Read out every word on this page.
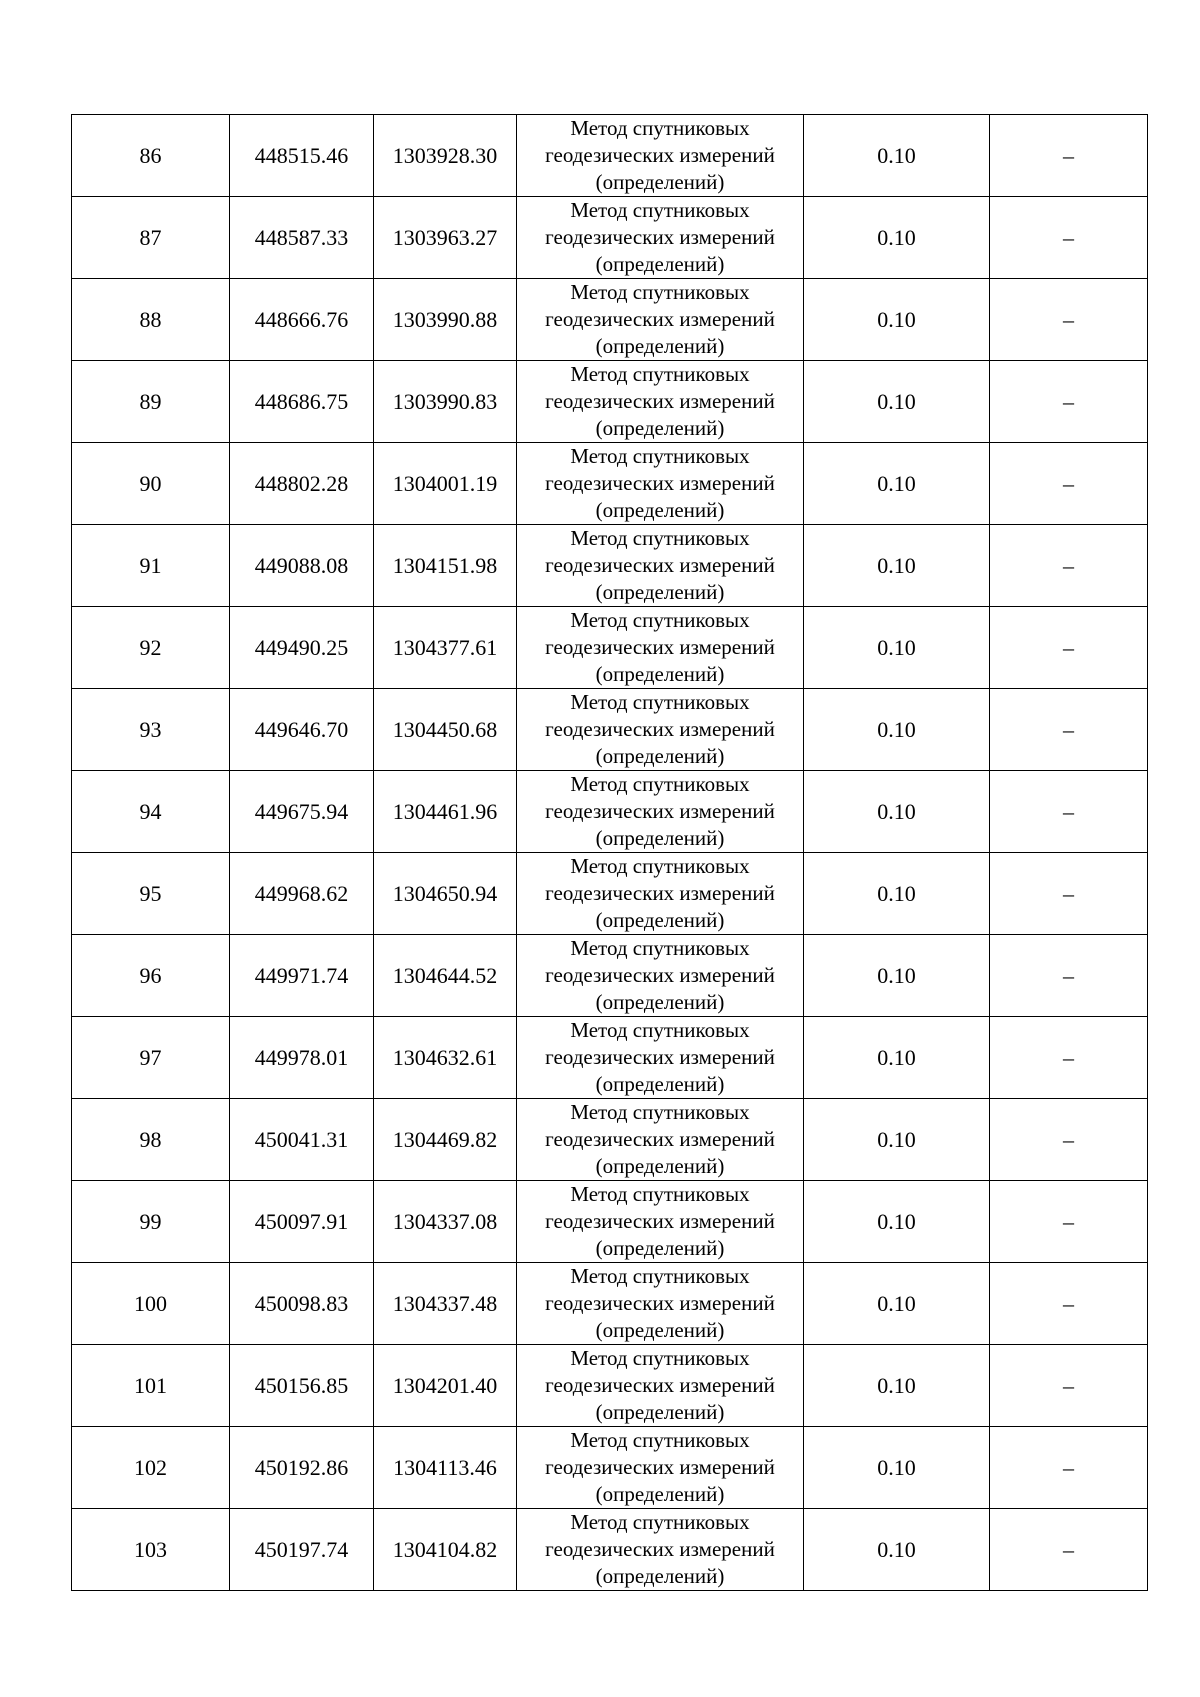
86	448515.46	1303928.30	Метод спутниковых
геодезических измерений
(определений)	0.10	–
87	448587.33	1303963.27	Метод спутниковых
геодезических измерений
(определений)	0.10	–
88	448666.76	1303990.88	Метод спутниковых
геодезических измерений
(определений)	0.10	–
89	448686.75	1303990.83	Метод спутниковых
геодезических измерений
(определений)	0.10	–
90	448802.28	1304001.19	Метод спутниковых
геодезических измерений
(определений)	0.10	–
91	449088.08	1304151.98	Метод спутниковых
геодезических измерений
(определений)	0.10	–
92	449490.25	1304377.61	Метод спутниковых
геодезических измерений
(определений)	0.10	–
93	449646.70	1304450.68	Метод спутниковых
геодезических измерений
(определений)	0.10	–
94	449675.94	1304461.96	Метод спутниковых
геодезических измерений
(определений)	0.10	–
95	449968.62	1304650.94	Метод спутниковых
геодезических измерений
(определений)	0.10	–
96	449971.74	1304644.52	Метод спутниковых
геодезических измерений
(определений)	0.10	–
97	449978.01	1304632.61	Метод спутниковых
геодезических измерений
(определений)	0.10	–
98	450041.31	1304469.82	Метод спутниковых
геодезических измерений
(определений)	0.10	–
99	450097.91	1304337.08	Метод спутниковых
геодезических измерений
(определений)	0.10	–
100	450098.83	1304337.48	Метод спутниковых
геодезических измерений
(определений)	0.10	–
101	450156.85	1304201.40	Метод спутниковых
геодезических измерений
(определений)	0.10	–
102	450192.86	1304113.46	Метод спутниковых
геодезических измерений
(определений)	0.10	–
103	450197.74	1304104.82	Метод спутниковых
геодезических измерений
(определений)	0.10	–
